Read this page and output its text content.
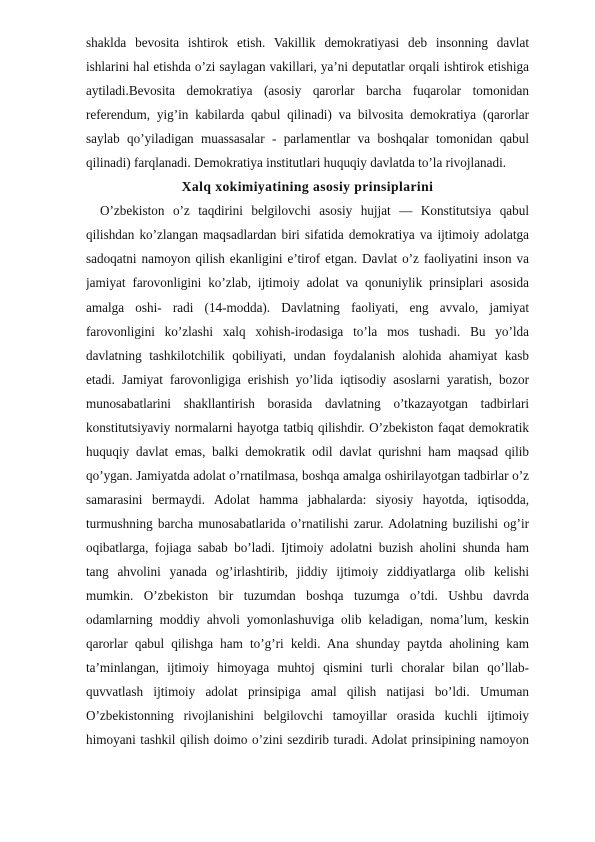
shaklda bevosita ishtirok etish. Vakillik demokratiyasi deb insonning davlat
ishlarini hal etishda o’zi saylagan vakillari, ya’ni deputatlar orqali ishtirok etishiga
aytiladi.Bevosita demokratiya (asosiy qarorlar barcha fuqarolar tomonidan
referendum, yig’in kabilarda qabul qilinadi) va bilvosita demokratiya (qarorlar
saylab qo’yiladigan muassasalar - parlamentlar va boshqalar tomonidan qabul
qilinadi) farqlanadi. Demokratiya institutlari huquqiy davlatda to’la rivojlanadi.
Xalq xokimiyatining asosiy prinsiplarini
O’zbekiston o’z taqdirini belgilovchi asosiy hujjat — Konstitutsiya qabul
qilishdan ko’zlangan maqsadlardan biri sifatida demokratiya va ijtimoiy adolatga
sadoqatni namoyon qilish ekanligini e’tirof etgan. Davlat o’z faoliyatini inson va
jamiyat farovonligini ko’zlab, ijtimoiy adolat va qonuniylik prinsiplari asosida
amalga oshi- radi (14-modda). Davlatning faoliyati, eng avvalo, jamiyat
farovonligini ko’zlashi xalq xohish-irodasiga to’la mos tushadi. Bu yo’lda
davlatning tashkilotchilik qobiliyati, undan foydalanish alohida ahamiyat kasb
etadi. Jamiyat farovonligiga erishish yo’lida iqtisodiy asoslarni yaratish, bozor
munosabatlarini shakllantirish borasida davlatning o’tkazayotgan tadbirlari
konstitutsiyaviy normalarni hayotga tatbiq qilishdir. O’zbekiston faqat demokratik
huquqiy davlat emas, balki demokratik odil davlat qurishni ham maqsad qilib
qo’ygan. Jamiyatda adolat o’rnatilmasa, boshqa amalga oshirilayotgan tadbirlar o’z
samarasini bermaydi. Adolat hamma jabhalarda: siyosiy hayotda, iqtisodda,
turmushning barcha munosabatlarida o’rnatilishi zarur. Adolatning buzilishi og’ir
oqibatlarga, fojiaga sabab bo’ladi. Ijtimoiy adolatni buzish aholini shunda ham
tang ahvolini yanada og’irlashtirib, jiddiy ijtimoiy ziddiyatlarga olib kelishi
mumkin. O’zbekiston bir tuzumdan boshqa tuzumga o’tdi. Ushbu davrda
odamlarning moddiy ahvoli yomonlashuviga olib keladigan, noma’lum, keskin
qarorlar qabul qilishga ham to’g’ri keldi. Ana shunday paytda aholining kam
ta’minlangan, ijtimoiy himoyaga muhtoj qismini turli choralar bilan qo’llab-
quvvatlash ijtimoiy adolat prinsipiga amal qilish natijasi bo’ldi. Umuman
O’zbekistonning rivojlanishini belgilovchi tamoyillar orasida kuchli ijtimoiy
himoyani tashkil qilish doimo o’zini sezdirib turadi. Adolat prinsipining namoyon
